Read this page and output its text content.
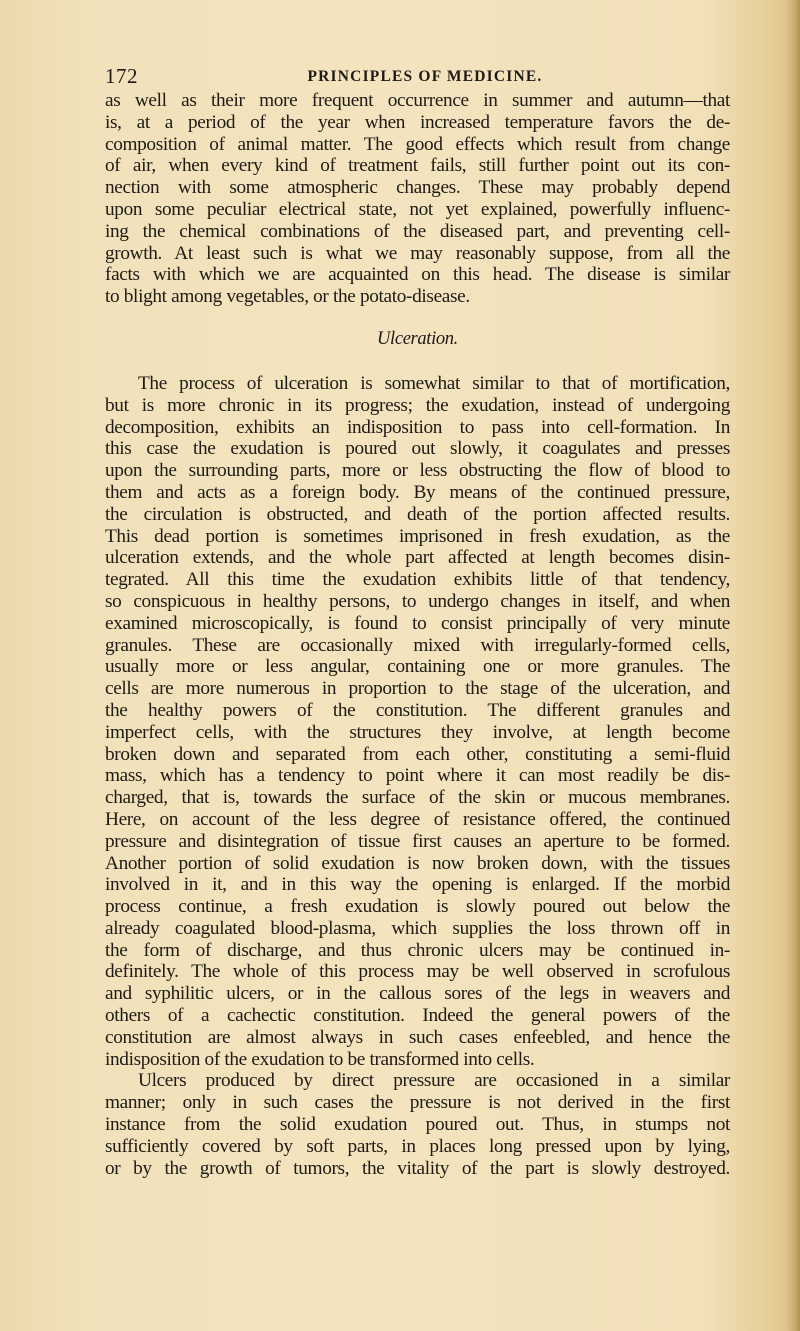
172	PRINCIPLES OF MEDICINE.

as well as their more frequent occurrence in summer and autumn—that
is, at a period of the year when increased temperature favors the de-
composition of animal matter. The good effects which result from change
of air, when every kind of treatment fails, still further point out its con-
nection with some atmospheric changes. These may probably depend
upon some peculiar electrical state, not yet explained, powerfully influenc-
ing the chemical combinations of the diseased part, and preventing cell-
growth. At least such is what we may reasonably suppose, from all the
facts with which we are acquainted on this head. The disease is similar
to blight among vegetables, or the potato-disease.

Ulceration.

The process of ulceration is somewhat similar to that of mortification,
but is more chronic in its progress; the exudation, instead of undergoing
decomposition, exhibits an indisposition to pass into cell-formation. In
this case the exudation is poured out slowly, it coagulates and presses
upon the surrounding parts, more or less obstructing the flow of blood to
them and acts as a foreign body. By means of the continued pressure,
the circulation is obstructed, and death of the portion affected results.
This dead portion is sometimes imprisoned in fresh exudation, as the
ulceration extends, and the whole part affected at length becomes disin-
tegrated. All this time the exudation exhibits little of that tendency,
so conspicuous in healthy persons, to undergo changes in itself, and when
examined microscopically, is found to consist principally of very minute
granules. These are occasionally mixed with irregularly-formed cells,
usually more or less angular, containing one or more granules. The
cells are more numerous in proportion to the stage of the ulceration, and
the healthy powers of the constitution. The different granules and
imperfect cells, with the structures they involve, at length become
broken down and separated from each other, constituting a semi-fluid
mass, which has a tendency to point where it can most readily be dis-
charged, that is, towards the surface of the skin or mucous membranes.
Here, on account of the less degree of resistance offered, the continued
pressure and disintegration of tissue first causes an aperture to be formed.
Another portion of solid exudation is now broken down, with the tissues
involved in it, and in this way the opening is enlarged. If the morbid
process continue, a fresh exudation is slowly poured out below the
already coagulated blood-plasma, which supplies the loss thrown off in
the form of discharge, and thus chronic ulcers may be continued in-
definitely. The whole of this process may be well observed in scrofulous
and syphilitic ulcers, or in the callous sores of the legs in weavers and
others of a cachectic constitution. Indeed the general powers of the
constitution are almost always in such cases enfeebled, and hence the
indisposition of the exudation to be transformed into cells.

Ulcers produced by direct pressure are occasioned in a similar
manner; only in such cases the pressure is not derived in the first
instance from the solid exudation poured out. Thus, in stumps not
sufficiently covered by soft parts, in places long pressed upon by lying,
or by the growth of tumors, the vitality of the part is slowly destroyed.
